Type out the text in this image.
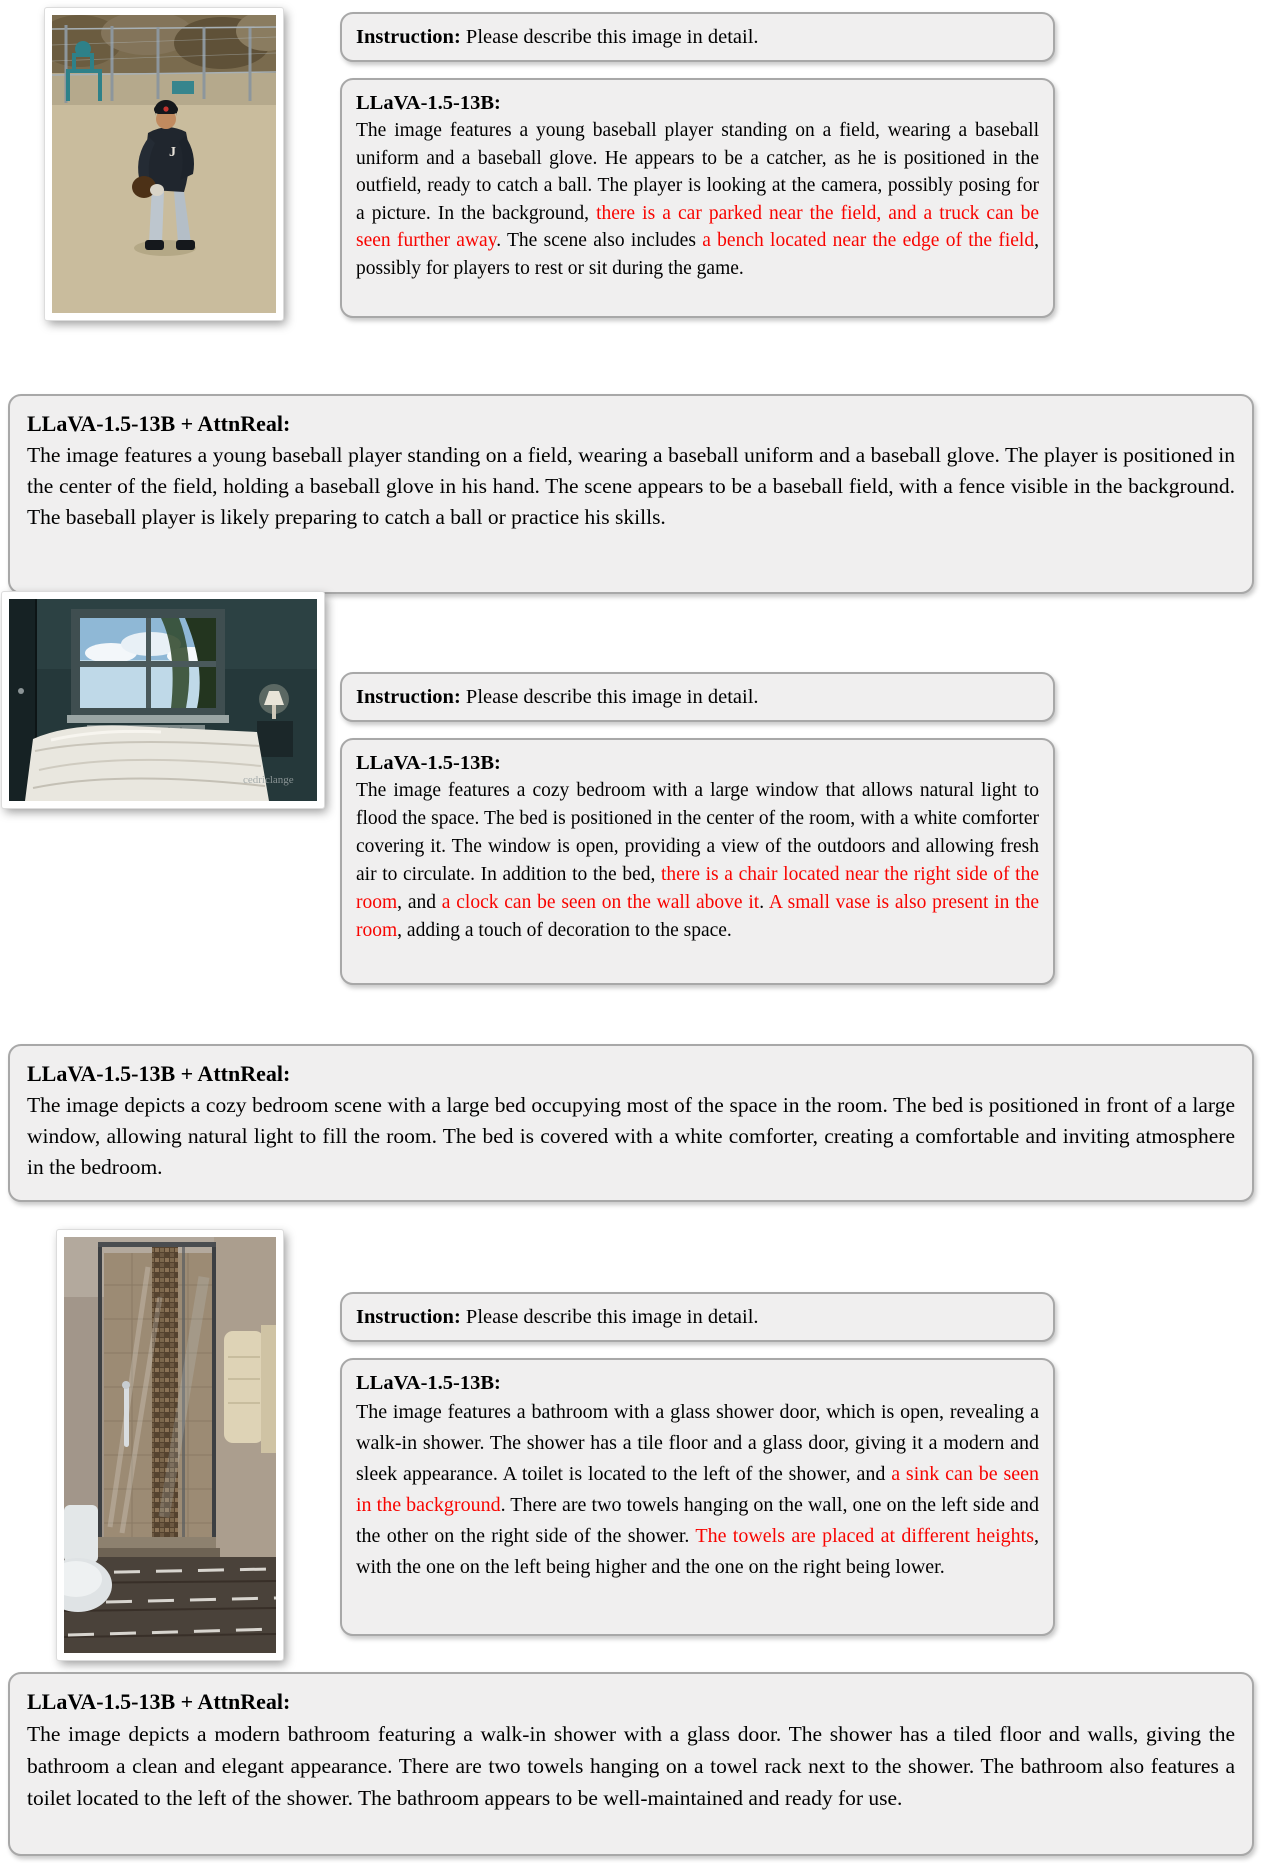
J
Instruction: Please describe this image in detail.
LLaVA-1.5-13B:
The image features a young baseball player standing on a field, wearing a baseball uniform and a baseball glove. He appears to be a catcher, as he is positioned in the outfield, ready to catch a ball. The player is looking at the camera, possibly posing for a picture. In the background, there is a car parked near the field, and a truck can be seen further away. The scene also includes a bench located near the edge of the field, possibly for players to rest or sit during the game.
LLaVA-1.5-13B + AttnReal:
The image features a young baseball player standing on a field, wearing a baseball uniform and a baseball glove. The player is positioned in the center of the field, holding a baseball glove in his hand. The scene appears to be a baseball field, with a fence visible in the background. The baseball player is likely preparing to catch a ball or practice his skills.
cedriclange
Instruction: Please describe this image in detail.
LLaVA-1.5-13B:
The image features a cozy bedroom with a large window that allows natural light to flood the space. The bed is positioned in the center of the room, with a white comforter covering it. The window is open, providing a view of the outdoors and allowing fresh air to circulate. In addition to the bed, there is a chair located near the right side of the room, and a clock can be seen on the wall above it. A small vase is also present in the room, adding a touch of decoration to the space.
LLaVA-1.5-13B + AttnReal:
The image depicts a cozy bedroom scene with a large bed occupying most of the space in the room. The bed is positioned in front of a large window, allowing natural light to fill the room. The bed is covered with a white comforter, creating a comfortable and inviting atmosphere in the bedroom.
Instruction: Please describe this image in detail.
LLaVA-1.5-13B:
The image features a bathroom with a glass shower door, which is open, revealing a walk-in shower. The shower has a tile floor and a glass door, giving it a modern and sleek appearance. A toilet is located to the left of the shower, and a sink can be seen in the background. There are two towels hanging on the wall, one on the left side and the other on the right side of the shower. The towels are placed at different heights, with the one on the left being higher and the one on the right being lower.
LLaVA-1.5-13B + AttnReal:
The image depicts a modern bathroom featuring a walk-in shower with a glass door. The shower has a tiled floor and walls, giving the bathroom a clean and elegant appearance. There are two towels hanging on a towel rack next to the shower. The bathroom also features a toilet located to the left of the shower. The bathroom appears to be well-maintained and ready for use.
